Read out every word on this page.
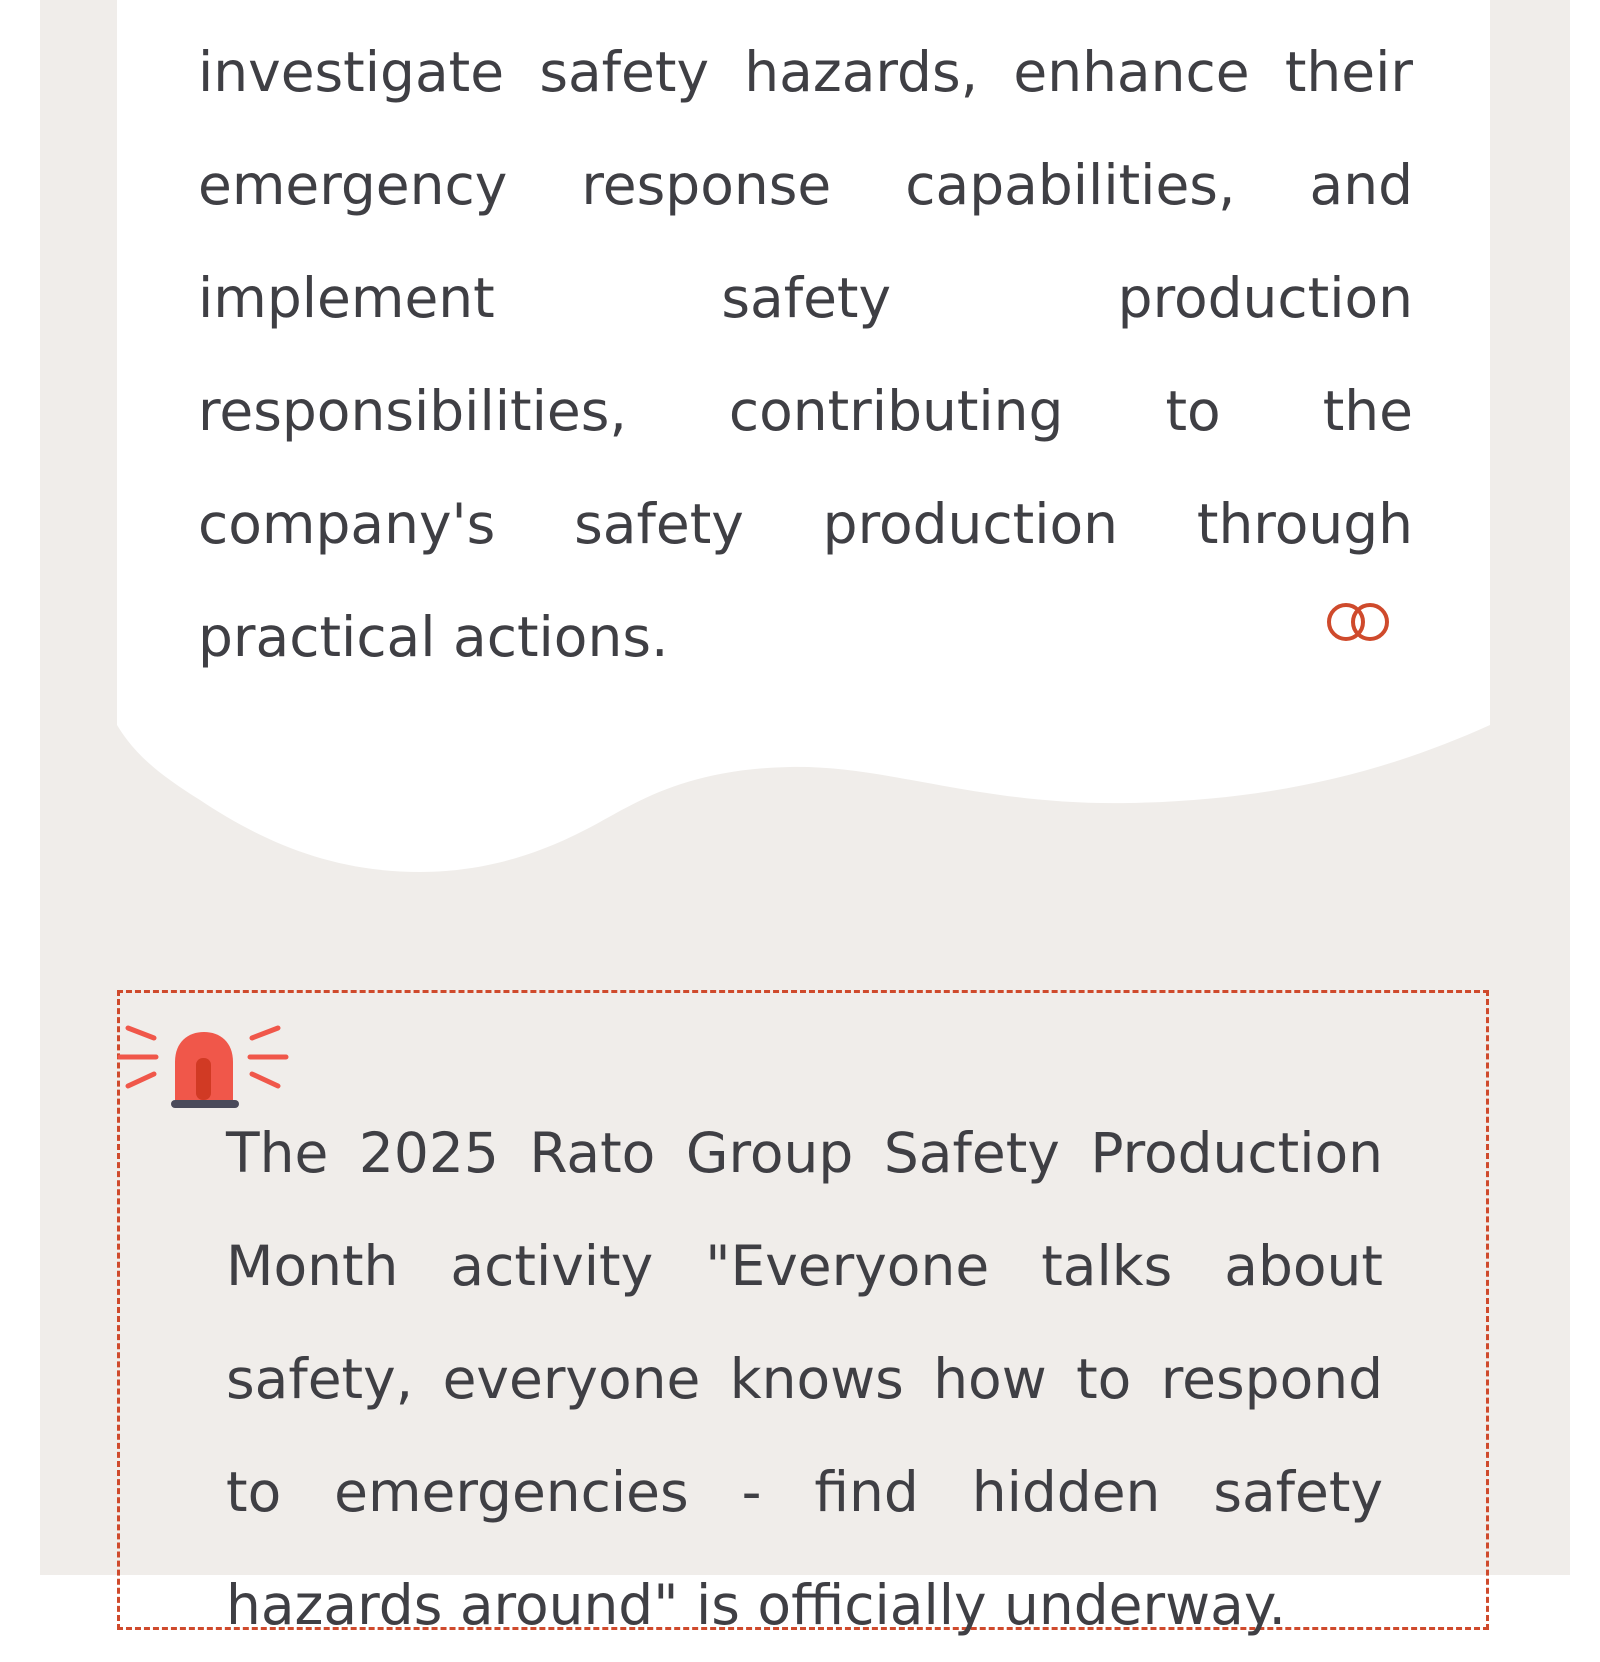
investigate safety hazards, enhance their emergency response capabilities, and implement safety production responsibilities, contributing to the company's safety production through practical actions.

The 2025 Rato Group Safety Production Month activity "Everyone talks about safety, everyone knows how to respond to emergencies - find hidden safety hazards around" is officially underway.
